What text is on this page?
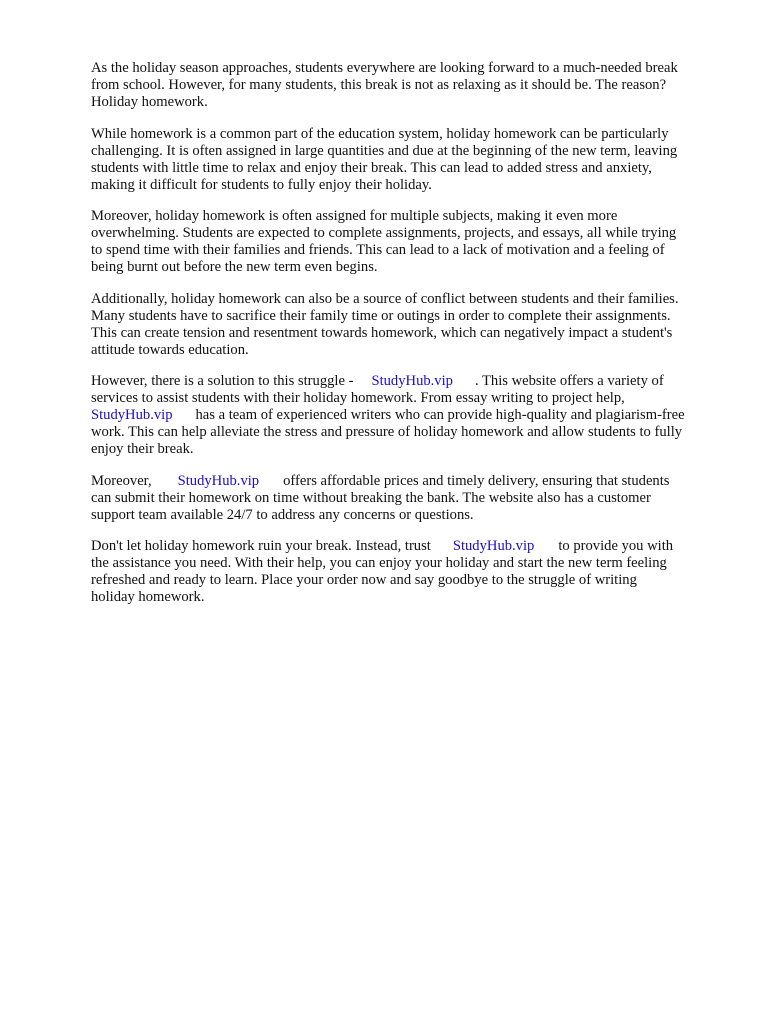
As the holiday season approaches, students everywhere are looking forward to a much-needed break
from school. However, for many students, this break is not as relaxing as it should be. The reason?
Holiday homework.

While homework is a common part of the education system, holiday homework can be particularly
challenging. It is often assigned in large quantities and due at the beginning of the new term, leaving
students with little time to relax and enjoy their break. This can lead to added stress and anxiety,
making it difficult for students to fully enjoy their holiday.

Moreover, holiday homework is often assigned for multiple subjects, making it even more
overwhelming. Students are expected to complete assignments, projects, and essays, all while trying
to spend time with their families and friends. This can lead to a lack of motivation and a feeling of
being burnt out before the new term even begins.

Additionally, holiday homework can also be a source of conflict between students and their families.
Many students have to sacrifice their family time or outings in order to complete their assignments.
This can create tension and resentment towards homework, which can negatively impact a student's
attitude towards education.

However, there is a solution to this struggle - StudyHub.vip . This website offers a variety of
services to assist students with their holiday homework. From essay writing to project help,
StudyHub.vip has a team of experienced writers who can provide high-quality and plagiarism-free
work. This can help alleviate the stress and pressure of holiday homework and allow students to fully
enjoy their break.

Moreover, StudyHub.vip offers affordable prices and timely delivery, ensuring that students
can submit their homework on time without breaking the bank. The website also has a customer
support team available 24/7 to address any concerns or questions.

Don't let holiday homework ruin your break. Instead, trust StudyHub.vip to provide you with
the assistance you need. With their help, you can enjoy your holiday and start the new term feeling
refreshed and ready to learn. Place your order now and say goodbye to the struggle of writing
holiday homework.
